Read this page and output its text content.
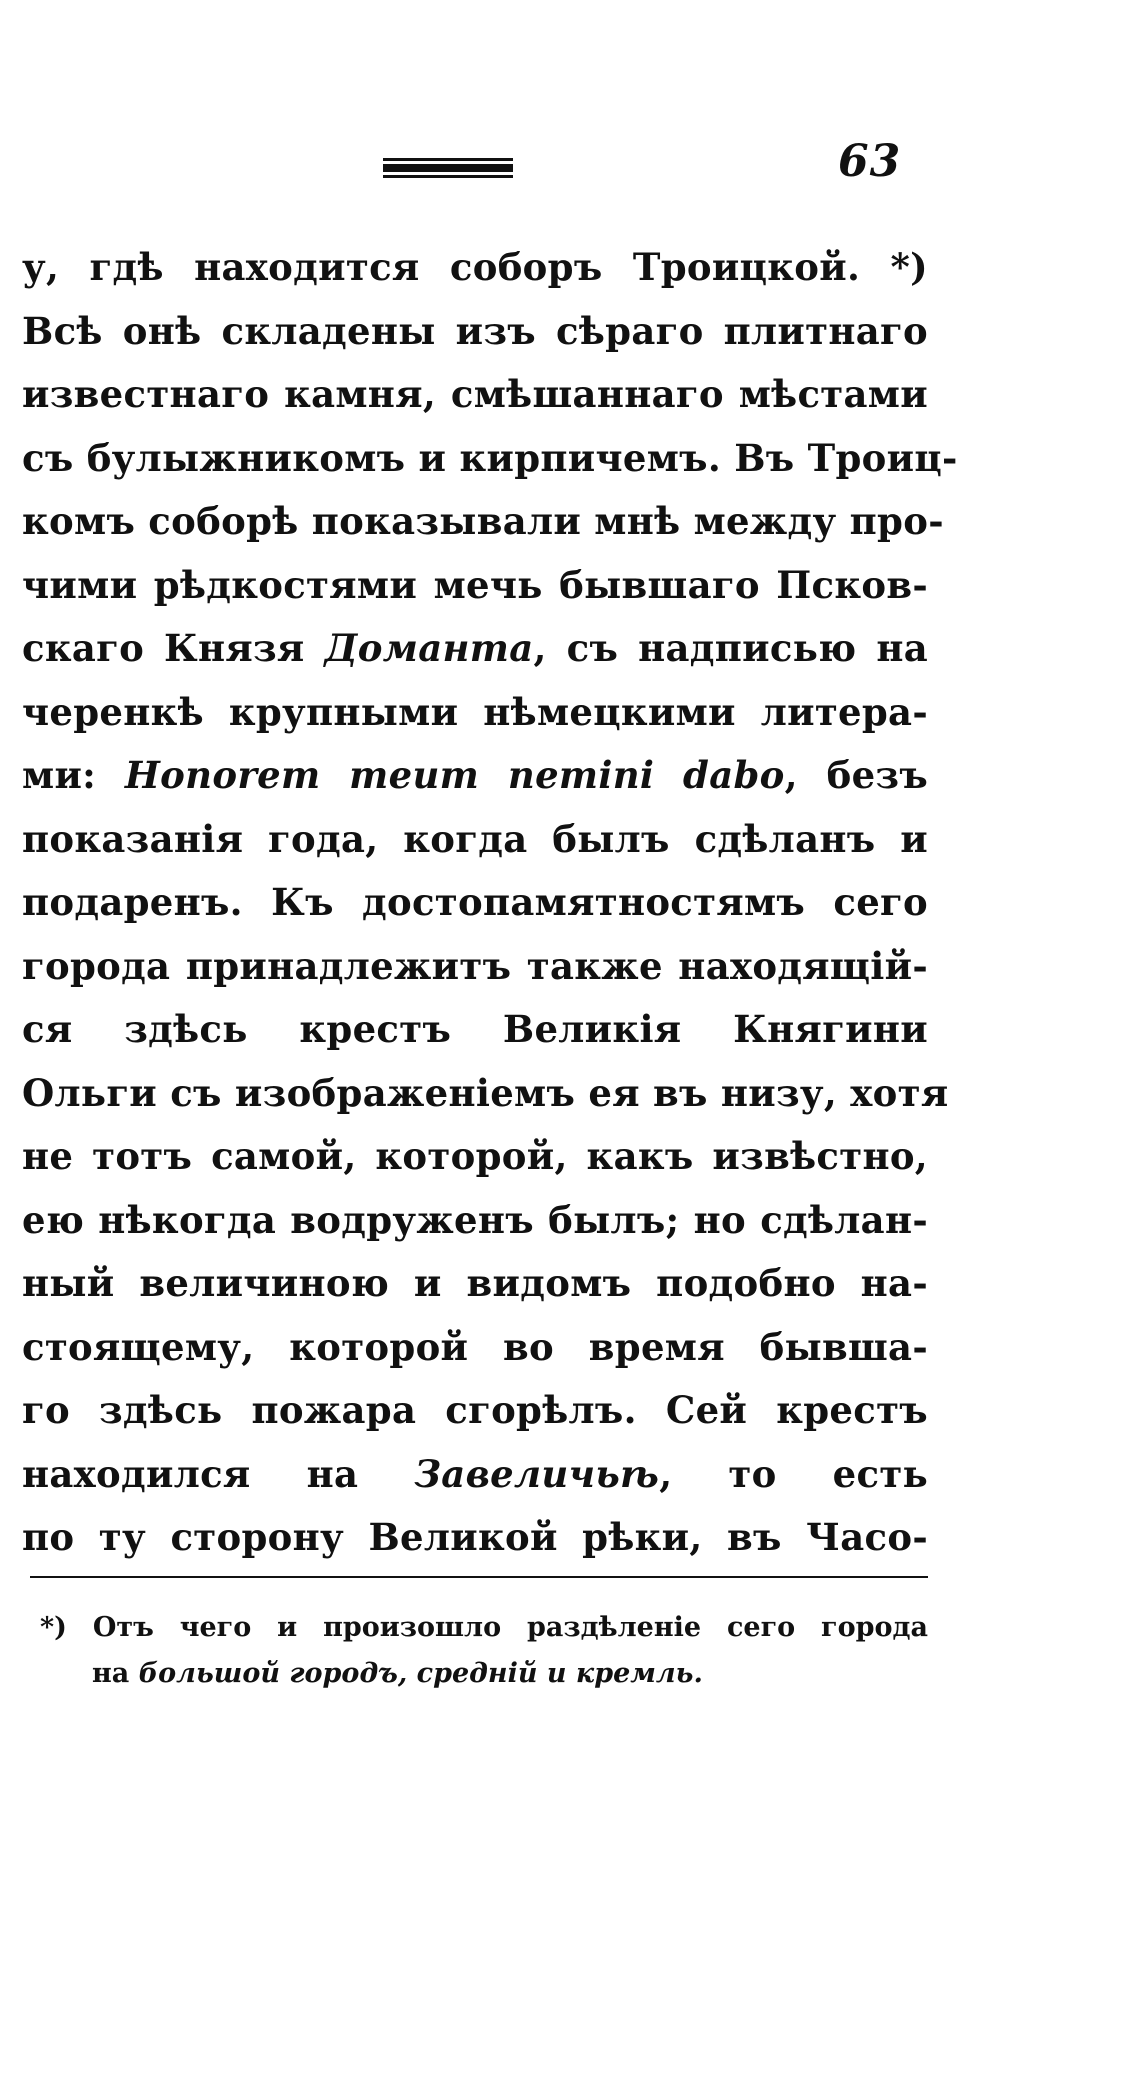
63
у, гдѣ находится соборъ Троицкой. *)
Всѣ онѣ складены изъ сѣраго плитнаго
известнаго камня, смѣшаннаго мѣстами
съ булыжникомъ и кирпичемъ. Въ Троиц-
комъ соборѣ показывали мнѣ между про-
чими рѣдкостями мечь бывшаго Псков-
скаго Князя Доманта, съ надписью на
черенкѣ крупными нѣмецкими литера-
ми: Honorem meum nemini dabo, безъ
показанія года, когда былъ сдѣланъ и
подаренъ. Къ достопамятностямъ сего
города принадлежитъ также находящій-
ся здѣсь крестъ Великія Княгини
Ольги съ изображеніемъ ея въ низу, хотя
не тотъ самой, которой, какъ извѣстно,
ею нѣкогда водруженъ былъ; но сдѣлан-
ный величиною и видомъ подобно на-
стоящему, которой во время бывша-
го здѣсь пожара сгорѣлъ. Сей крестъ
находился на Завеличьѣ, то есть
по ту сторону Великой рѣки, въ Часо-
*) Отъ чего и произошло раздѣленіе сего города
на большой городъ, средній и кремль.
